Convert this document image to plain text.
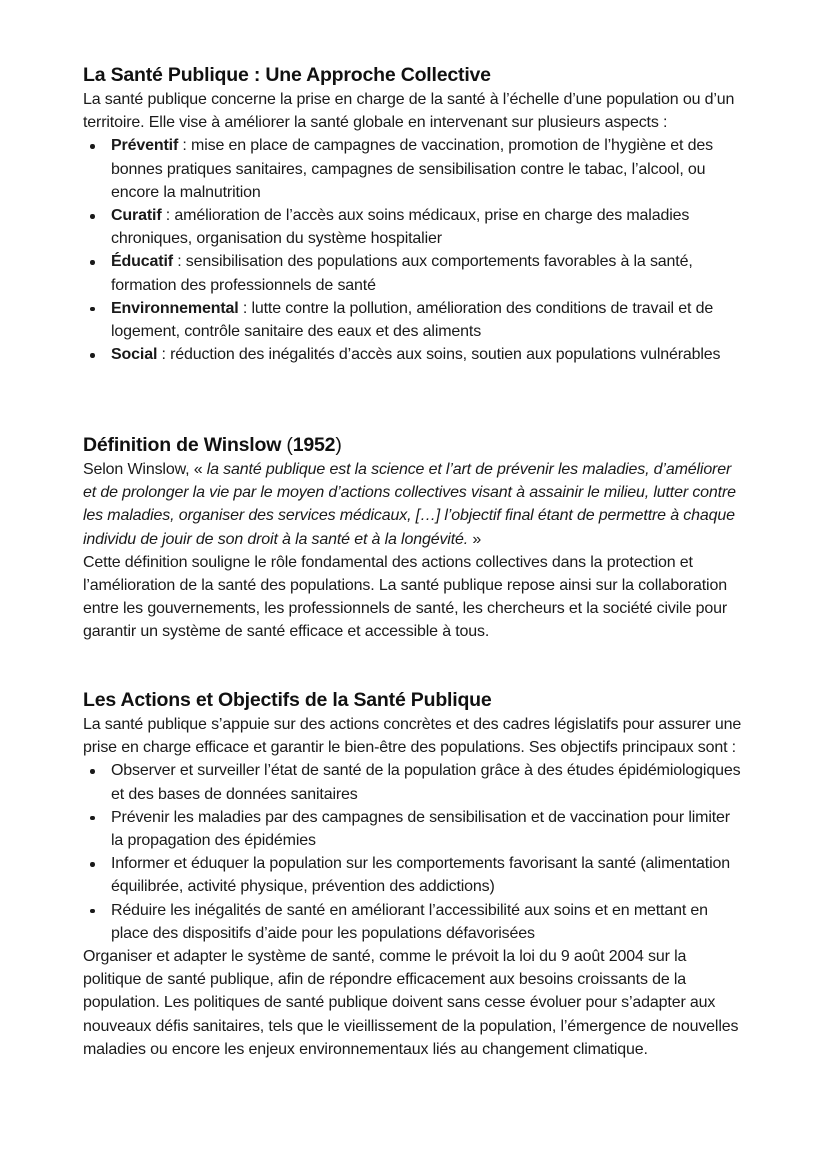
La Santé Publique : Une Approche Collective

La santé publique concerne la prise en charge de la santé à l’échelle d’une population ou d’un territoire. Elle vise à améliorer la santé globale en intervenant sur plusieurs aspects :

Préventif : mise en place de campagnes de vaccination, promotion de l’hygiène et des bonnes pratiques sanitaires, campagnes de sensibilisation contre le tabac, l’alcool, ou encore la malnutrition
Curatif : amélioration de l’accès aux soins médicaux, prise en charge des maladies chroniques, organisation du système hospitalier
Éducatif : sensibilisation des populations aux comportements favorables à la santé, formation des professionnels de santé
Environnemental : lutte contre la pollution, amélioration des conditions de travail et de logement, contrôle sanitaire des eaux et des aliments
Social : réduction des inégalités d’accès aux soins, soutien aux populations vulnérables
Définition de Winslow (1952)

Selon Winslow, « la santé publique est la science et l’art de prévenir les maladies, d’améliorer et de prolonger la vie par le moyen d’actions collectives visant à assainir le milieu, lutter contre les maladies, organiser des services médicaux, […] l’objectif final étant de permettre à chaque individu de jouir de son droit à la santé et à la longévité. »

Cette définition souligne le rôle fondamental des actions collectives dans la protection et l’amélioration de la santé des populations. La santé publique repose ainsi sur la collaboration entre les gouvernements, les professionnels de santé, les chercheurs et la société civile pour garantir un système de santé efficace et accessible à tous.

Les Actions et Objectifs de la Santé Publique

La santé publique s’appuie sur des actions concrètes et des cadres législatifs pour assurer une prise en charge efficace et garantir le bien-être des populations. Ses objectifs principaux sont :

Observer et surveiller l’état de santé de la population grâce à des études épidémiologiques et des bases de données sanitaires
Prévenir les maladies par des campagnes de sensibilisation et de vaccination pour limiter la propagation des épidémies
Informer et éduquer la population sur les comportements favorisant la santé (alimentation équilibrée, activité physique, prévention des addictions)
Réduire les inégalités de santé en améliorant l’accessibilité aux soins et en mettant en place des dispositifs d’aide pour les populations défavorisées

Organiser et adapter le système de santé, comme le prévoit la loi du 9 août 2004 sur la politique de santé publique, afin de répondre efficacement aux besoins croissants de la population. Les politiques de santé publique doivent sans cesse évoluer pour s’adapter aux nouveaux défis sanitaires, tels que le vieillissement de la population, l’émergence de nouvelles maladies ou encore les enjeux environnementaux liés au changement climatique.
